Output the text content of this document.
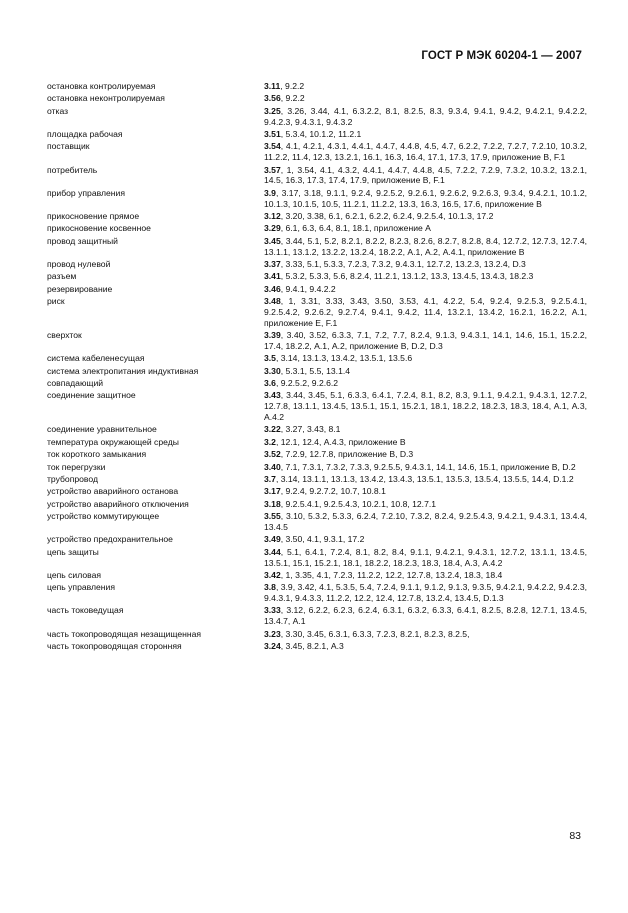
ГОСТ Р МЭК 60204-1 — 2007
остановка контролируемая	3.11, 9.2.2
остановка неконтролируемая	3.56, 9.2.2
отказ	3.25, 3.26, 3.44, 4.1, 6.3.2.2, 8.1, 8.2.5, 8.3, 9.3.4, 9.4.1, 9.4.2, 9.4.2.1, 9.4.2.2, 9.4.2.3, 9.4.3.1, 9.4.3.2
площадка рабочая	3.51, 5.3.4, 10.1.2, 11.2.1
поставщик	3.54, 4.1, 4.2.1, 4.3.1, 4.4.1, 4.4.7, 4.4.8, 4.5, 4.7, 6.2.2, 7.2.2, 7.2.7, 7.2.10, 10.3.2, 11.2.2, 11.4, 12.3, 13.2.1, 16.1, 16.3, 16.4, 17.1, 17.3, 17.9, приложение В, F.1
потребитель	3.57, 1, 3.54, 4.1, 4.3.2, 4.4.1, 4.4.7, 4.4.8, 4.5, 7.2.2, 7.2.9, 7.3.2, 10.3.2, 13.2.1, 14.5, 16.3, 17.3, 17.4, 17.9, приложение В, F.1
прибор управления	3.9, 3.17, 3.18, 9.1.1, 9.2.4, 9.2.5.2, 9.2.6.1, 9.2.6.2, 9.2.6.3, 9.3.4, 9.4.2.1, 10.1.2, 10.1.3, 10.1.5, 10.5, 11.2.1, 11.2.2, 13.3, 16.3, 16.5, 17.6, приложение В
прикосновение прямое	3.12, 3.20, 3.38, 6.1, 6.2.1, 6.2.2, 6.2.4, 9.2.5.4, 10.1.3, 17.2
прикосновение косвенное	3.29, 6.1, 6.3, 6.4, 8.1, 18.1, приложение А
провод защитный	3.45, 3.44, 5.1, 5.2, 8.2.1, 8.2.2, 8.2.3, 8.2.6, 8.2.7, 8.2.8, 8.4, 12.7.2, 12.7.3, 12.7.4, 13.1.1, 13.1.2, 13.2.2, 13.2.4, 18.2.2, А.1, А.2, А.4.1, приложение В
провод нулевой	3.37, 3.33, 5.1, 5.3.3, 7.2.3, 7.3.2, 9.4.3.1, 12.7.2, 13.2.3, 13.2.4, D.3
разъем	3.41, 5.3.2, 5.3.3, 5.6, 8.2.4, 11.2.1, 13.1.2, 13.3, 13.4.5, 13.4.3, 18.2.3
резервирование	3.46, 9.4.1, 9.4.2.2
риск	3.48, 1, 3.31, 3.33, 3.43, 3.50, 3.53, 4.1, 4.2.2, 5.4, 9.2.4, 9.2.5.3, 9.2.5.4.1, 9.2.5.4.2, 9.2.6.2, 9.2.7.4, 9.4.1, 9.4.2, 11.4, 13.2.1, 13.4.2, 16.2.1, 16.2.2, А.1, приложение Е, F.1
сверхток	3.39, 3.40, 3.52, 6.3.3, 7.1, 7.2, 7.7, 8.2.4, 9.1.3, 9.4.3.1, 14.1, 14.6, 15.1, 15.2.2, 17.4, 18.2.2, А.1, А.2, приложение В, D.2, D.3
система кабеленесущая	3.5, 3.14, 13.1.3, 13.4.2, 13.5.1, 13.5.6
система электропитания индуктивная	3.30, 5.3.1, 5.5, 13.1.4
совпадающий	3.6, 9.2.5.2, 9.2.6.2
соединение защитное	3.43, 3.44, 3.45, 5.1, 6.3.3, 6.4.1, 7.2.4, 8.1, 8.2, 8.3, 9.1.1, 9.4.2.1, 9.4.3.1, 12.7.2, 12.7.8, 13.1.1, 13.4.5, 13.5.1, 15.1, 15.2.1, 18.1, 18.2.2, 18.2.3, 18.3, 18.4, А.1, А.3, А.4.2
соединение уравнительное	3.22, 3.27, 3.43, 8.1
температура окружающей среды	3.2, 12.1, 12.4, А.4.3, приложение В
ток короткого замыкания	3.52, 7.2.9, 12.7.8, приложение В, D.3
ток перегрузки	3.40, 7.1, 7.3.1, 7.3.2, 7.3.3, 9.2.5.5, 9.4.3.1, 14.1, 14.6, 15.1, приложение В, D.2
трубопровод	3.7, 3.14, 13.1.1, 13.1.3, 13.4.2, 13.4.3, 13.5.1, 13.5.3, 13.5.4, 13.5.5, 14.4, D.1.2
устройство аварийного останова	3.17, 9.2.4, 9.2.7.2, 10.7, 10.8.1
устройство аварийного отключения	3.18, 9.2.5.4.1, 9.2.5.4.3, 10.2.1, 10.8, 12.7.1
устройство коммутирующее	3.55, 3.10, 5.3.2, 5.3.3, 6.2.4, 7.2.10, 7.3.2, 8.2.4, 9.2.5.4.3, 9.4.2.1, 9.4.3.1, 13.4.4, 13.4.5
устройство предохранительное	3.49, 3.50, 4.1, 9.3.1, 17.2
цепь защиты	3.44, 5.1, 6.4.1, 7.2.4, 8.1, 8.2, 8.4, 9.1.1, 9.4.2.1, 9.4.3.1, 12.7.2, 13.1.1, 13.4.5, 13.5.1, 15.1, 15.2.1, 18.1, 18.2.2, 18.2.3, 18.3, 18.4, А.3, А.4.2
цепь силовая	3.42, 1, 3.35, 4.1, 7.2.3, 11.2.2, 12.2, 12.7.8, 13.2.4, 18.3, 18.4
цепь управления	3.8, 3.9, 3.42, 4.1, 5.3.5, 5.4, 7.2.4, 9.1.1, 9.1.2, 9.1.3, 9.3.5, 9.4.2.1, 9.4.2.2, 9.4.2.3, 9.4.3.1, 9.4.3.3, 11.2.2, 12.2, 12.4, 12.7.8, 13.2.4, 13.4.5, D.1.3
часть токоведущая	3.33, 3.12, 6.2.2, 6.2.3, 6.2.4, 6.3.1, 6.3.2, 6.3.3, 6.4.1, 8.2.5, 8.2.8, 12.7.1, 13.4.5, 13.4.7, А.1
часть токопроводящая незащищенная	3.23, 3.30, 3.45, 6.3.1, 6.3.3, 7.2.3, 8.2.1, 8.2.3, 8.2.5,
часть токопроводящая сторонняя	3.24, 3.45, 8.2.1, А.3
83
